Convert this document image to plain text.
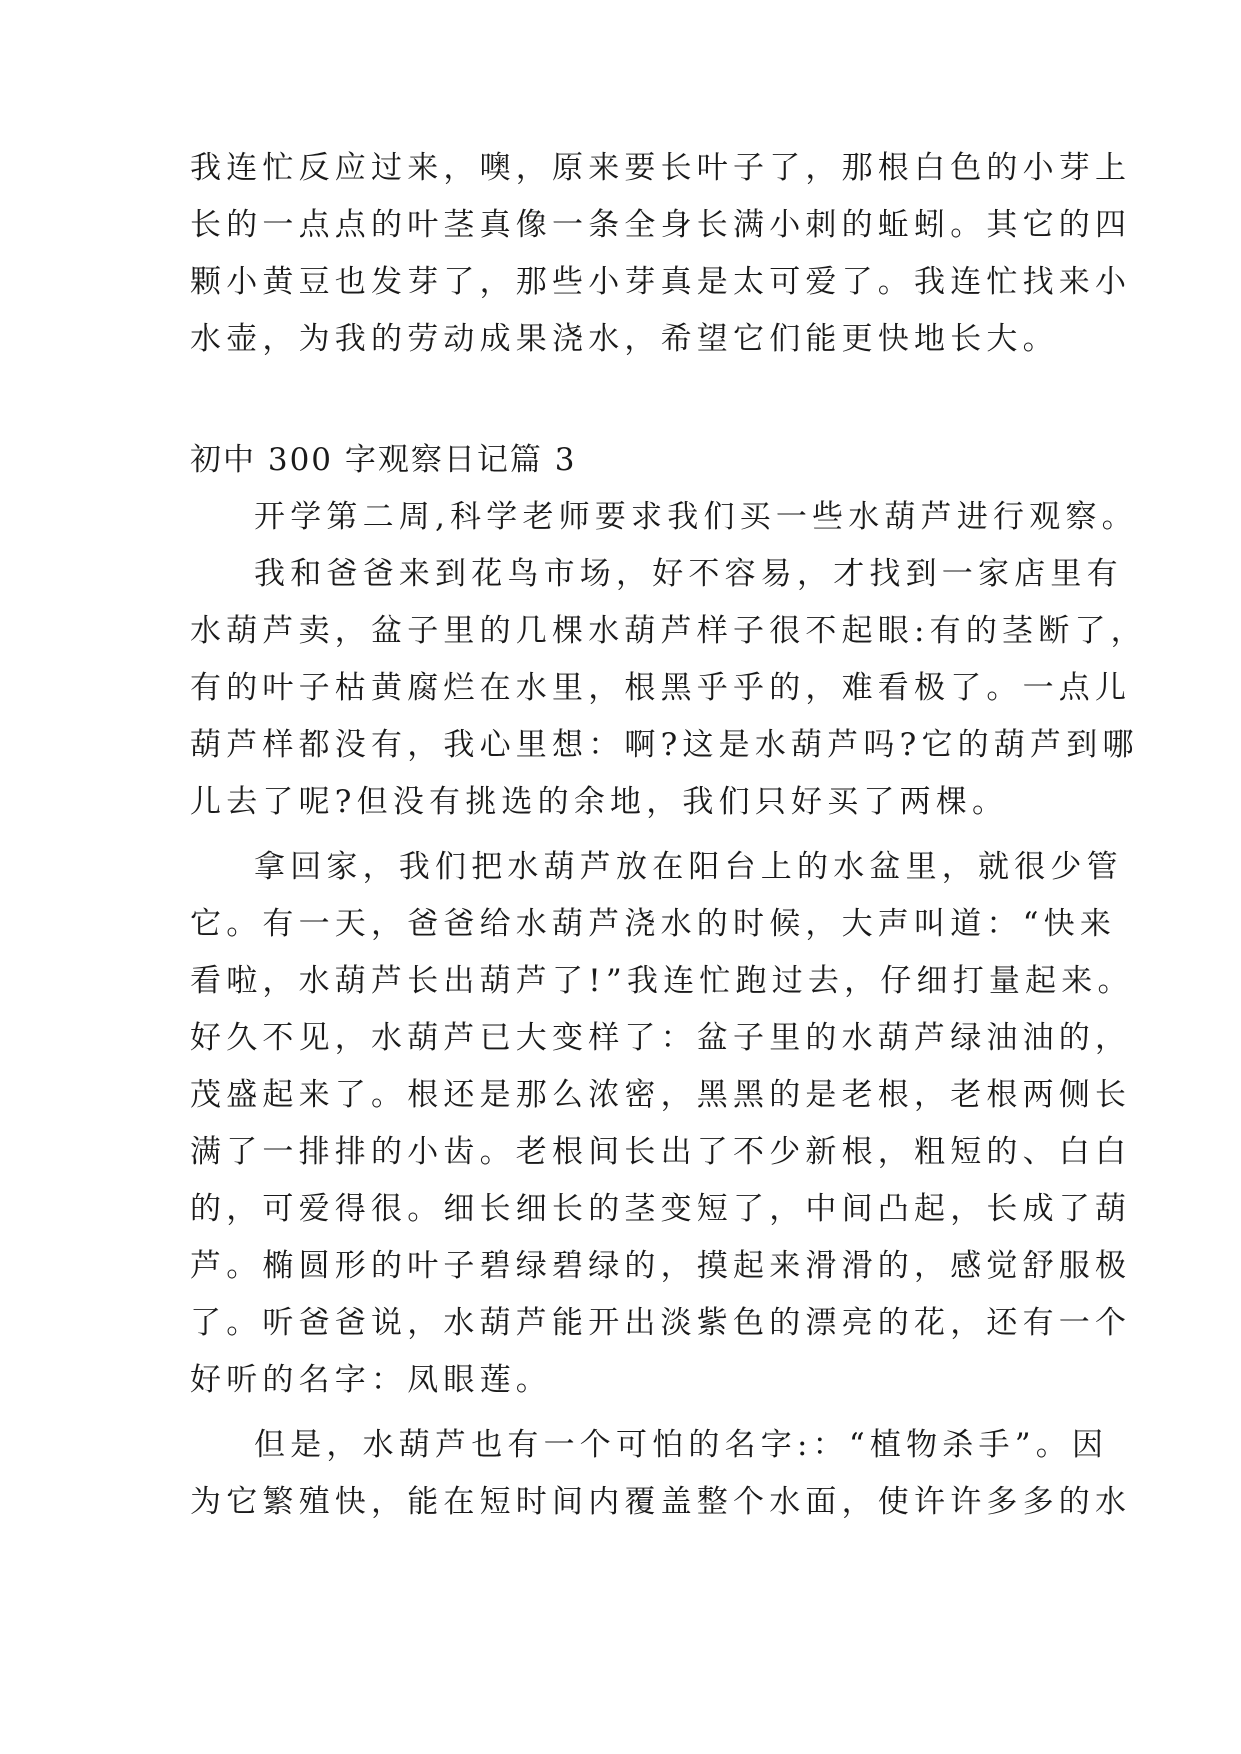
我连忙反应过来，噢，原来要长叶子了，那根白色的小芽上
长的一点点的叶茎真像一条全身长满小刺的蚯蚓。其它的四
颗小黄豆也发芽了，那些小芽真是太可爱了。我连忙找来小
水壶，为我的劳动成果浇水，希望它们能更快地长大。
初中 300 字观察日记篇 3
开学第二周,科学老师要求我们买一些水葫芦进行观察。
我和爸爸来到花鸟市场，好不容易，才找到一家店里有
水葫芦卖，盆子里的几棵水葫芦样子很不起眼:有的茎断了，
有的叶子枯黄腐烂在水里，根黑乎乎的，难看极了。一点儿
葫芦样都没有，我心里想：啊?这是水葫芦吗?它的葫芦到哪
儿去了呢?但没有挑选的余地，我们只好买了两棵。
拿回家，我们把水葫芦放在阳台上的水盆里，就很少管
它。有一天，爸爸给水葫芦浇水的时候，大声叫道：“快来
看啦，水葫芦长出葫芦了!”我连忙跑过去，仔细打量起来。
好久不见，水葫芦已大变样了：盆子里的水葫芦绿油油的，
茂盛起来了。根还是那么浓密，黑黑的是老根，老根两侧长
满了一排排的小齿。老根间长出了不少新根，粗短的、白白
的，可爱得很。细长细长的茎变短了，中间凸起，长成了葫
芦。椭圆形的叶子碧绿碧绿的，摸起来滑滑的，感觉舒服极
了。听爸爸说，水葫芦能开出淡紫色的漂亮的花，还有一个
好听的名字：凤眼莲。
但是，水葫芦也有一个可怕的名字:：“植物杀手”。因
为它繁殖快，能在短时间内覆盖整个水面，使许许多多的水
